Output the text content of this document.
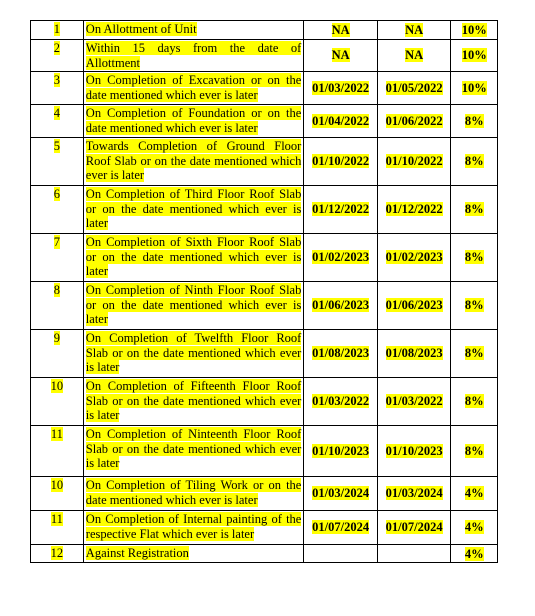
1	On Allottment of Unit	NA	NA	10%
2	Within 15 days from the date of Allottment	NA	NA	10%
3	On Completion of Excavation or on the date mentioned which ever is later	01/03/2022	01/05/2022	10%
4	On Completion of Foundation or on the date mentioned which ever is later	01/04/2022	01/06/2022	8%
5	Towards Completion of Ground Floor Roof Slab or on the date mentioned which ever is later	01/10/2022	01/10/2022	8%
6	On Completion of Third Floor Roof Slab or on the date mentioned which ever is later	01/12/2022	01/12/2022	8%
7	On Completion of Sixth Floor Roof Slab or on the date mentioned which ever is later	01/02/2023	01/02/2023	8%
8	On Completion of Ninth Floor Roof Slab or on the date mentioned which ever is later	01/06/2023	01/06/2023	8%
9	On Completion of Twelfth Floor Roof Slab or on the date mentioned which ever is later	01/08/2023	01/08/2023	8%
10	On Completion of Fifteenth Floor Roof Slab or on the date mentioned which ever is later	01/03/2022	01/03/2022	8%
11	On Completion of Ninteenth Floor Roof Slab or on the date mentioned which ever is later	01/10/2023	01/10/2023	8%
10	On Completion of Tiling Work or on the date mentioned which ever is later	01/03/2024	01/03/2024	4%
11	On Completion of Internal painting of the respective Flat which ever is later	01/07/2024	01/07/2024	4%
12	Against Registration			4%
